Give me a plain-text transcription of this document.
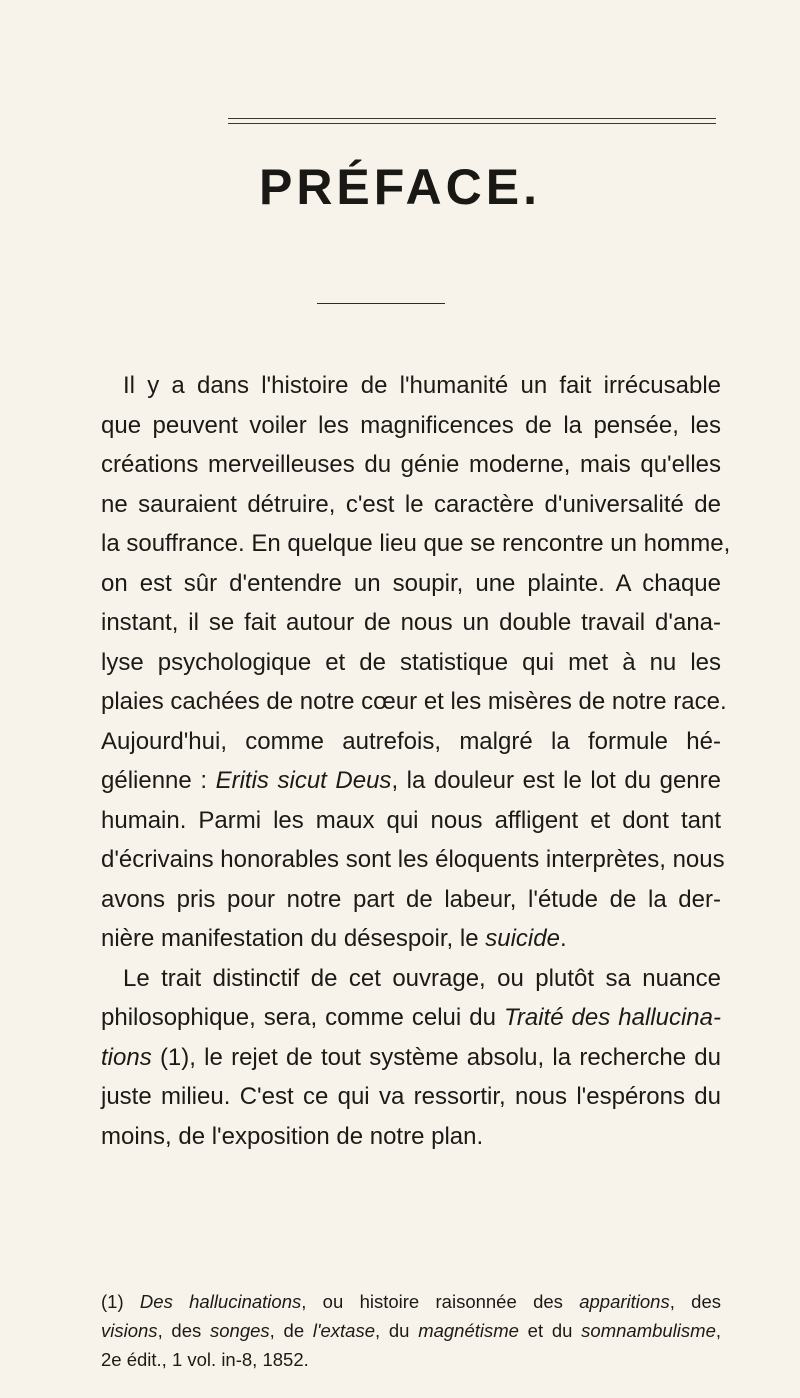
PRÉFACE.
Il y a dans l'histoire de l'humanité un fait irrécusable
que peuvent voiler les magnificences de la pensée, les
créations merveilleuses du génie moderne, mais qu'elles
ne sauraient détruire, c'est le caractère d'universalité de
la souffrance. En quelque lieu que se rencontre un homme,
on est sûr d'entendre un soupir, une plainte. A chaque
instant, il se fait autour de nous un double travail d'ana-
lyse psychologique et de statistique qui met à nu les
plaies cachées de notre cœur et les misères de notre race.
Aujourd'hui, comme autrefois, malgré la formule hé-
gélienne : Eritis sicut Deus, la douleur est le lot du genre
humain. Parmi les maux qui nous affligent et dont tant
d'écrivains honorables sont les éloquents interprètes, nous
avons pris pour notre part de labeur, l'étude de la der-
nière manifestation du désespoir, le suicide.
Le trait distinctif de cet ouvrage, ou plutôt sa nuance
philosophique, sera, comme celui du Traité des hallucina-
tions (1), le rejet de tout système absolu, la recherche du
juste milieu. C'est ce qui va ressortir, nous l'espérons du
moins, de l'exposition de notre plan.
(1) Des hallucinations, ou histoire raisonnée des apparitions, des
visions, des songes, de l'extase, du magnétisme et du somnambulisme,
2e édit., 1 vol. in-8, 1852.
